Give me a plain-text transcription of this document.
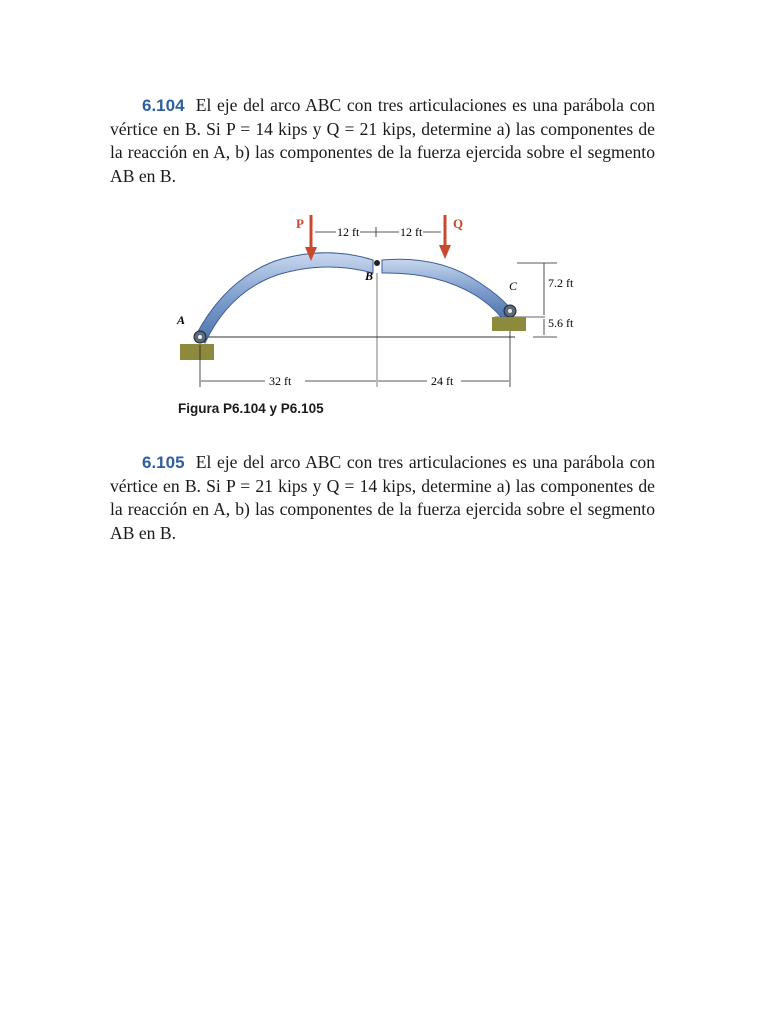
6.104 El eje del arco ABC con tres articulaciones es una parábola con vértice en B. Si P = 14 kips y Q = 21 kips, determine a) las componentes de la reacción en A, b) las componentes de la fuerza ejercida sobre el segmento AB en B.
P	Q
B
C
A
12 ft	12 ft
7.2 ft
5.6 ft
32 ft	24 ft
Figura P6.104 y P6.105
6.105 El eje del arco ABC con tres articulaciones es una parábola con vértice en B. Si P = 21 kips y Q = 14 kips, determine a) las componentes de la reacción en A, b) las componentes de la fuerza ejercida sobre el segmento AB en B.
